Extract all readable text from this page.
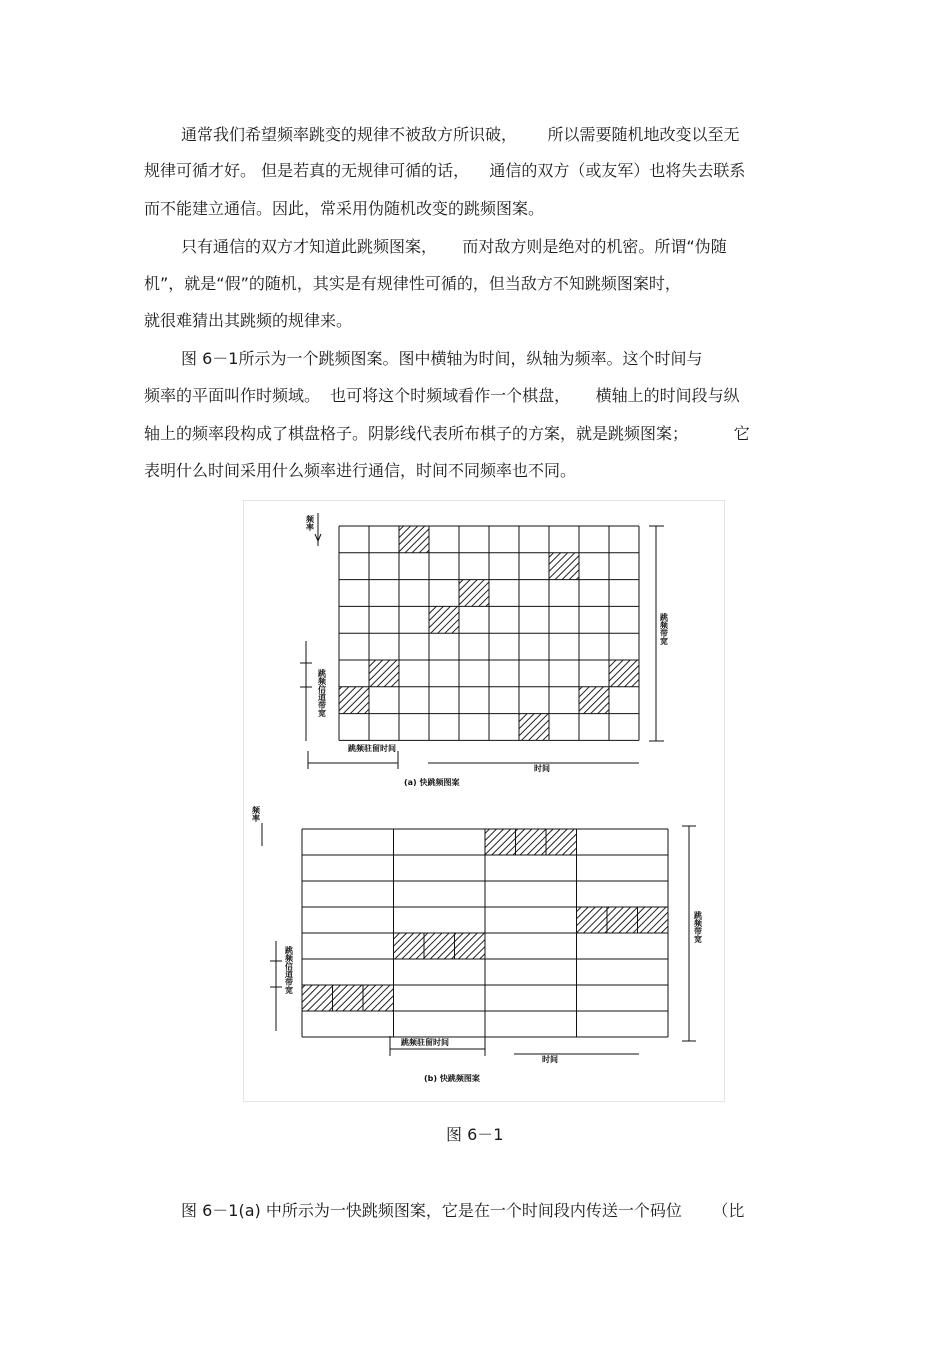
通常我们希望频率跳变的规律不被敌方所识破，      所以需要随机地改变以至无
规律可循才好。 但是若真的无规律可循的话，    通信的双方（或友军）也将失去联系
而不能建立通信。因此，常采用伪随机改变的跳频图案。
只有通信的双方才知道此跳频图案，     而对敌方则是绝对的机密。所谓“伪随
机”，就是“假”的随机，其实是有规律性可循的，但当敌方不知跳频图案时，
就很难猜出其跳频的规律来。
图 6－1所示为一个跳频图案。图中横轴为时间，纵轴为频率。这个时间与
频率的平面叫作时频域。  也可将这个时频域看作一个棋盘，     横轴上的时间段与纵
轴上的频率段构成了棋盘格子。阴影线代表所布棋子的方案，就是跳频图案；         它
表明什么时间采用什么频率进行通信，时间不同频率也不同。
频率
跳频带宽
跳频信道带宽
跳频驻留时间
时间
(a) 快跳频图案
频率
跳频带宽
跳频信道带宽
跳频驻留时间
时间
(b) 快跳频图案
图 6－1
图 6－1(a) 中所示为一快跳频图案，它是在一个时间段内传送一个码位      （比
